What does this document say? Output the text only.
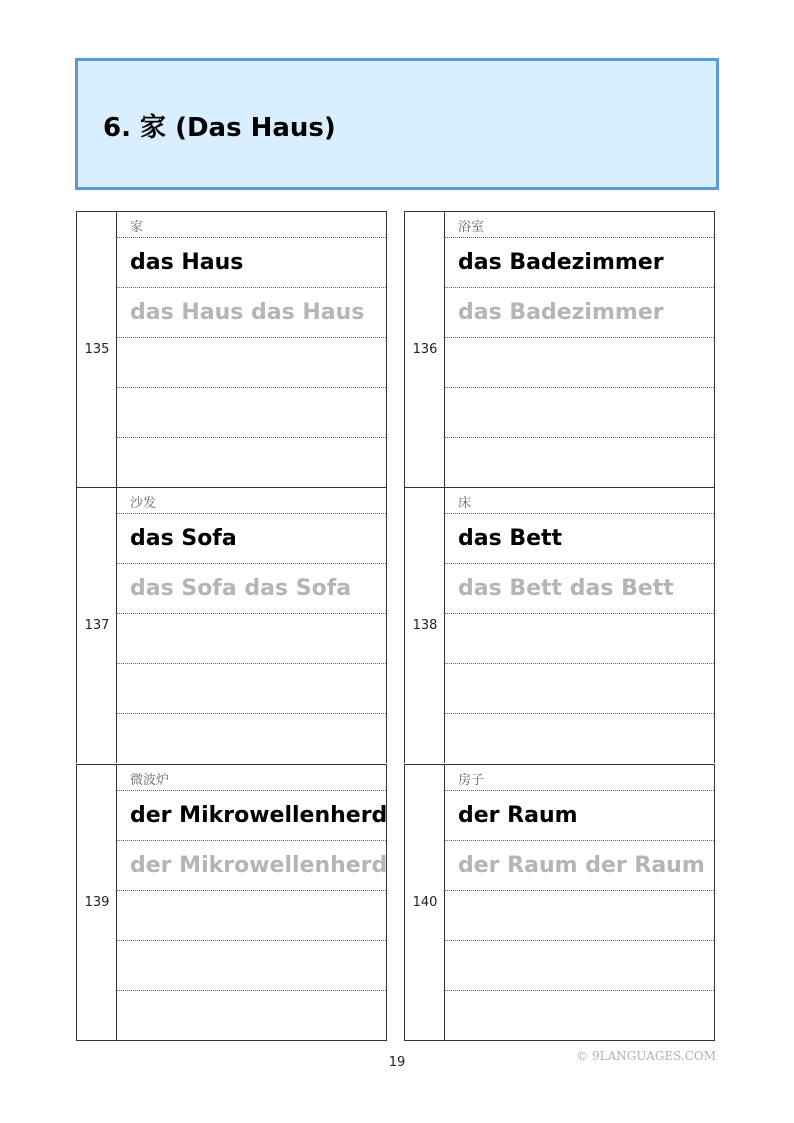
6. 家 (Das Haus)
135
家
das Haus
das Haus das Haus
136
浴室
das Badezimmer
das Badezimmer
137
沙发
das Sofa
das Sofa das Sofa
138
床
das Bett
das Bett das Bett
139
微波炉
der Mikrowellenherd
der Mikrowellenherd
140
房子
der Raum
der Raum der Raum
19	© 9LANGUAGES.COM
